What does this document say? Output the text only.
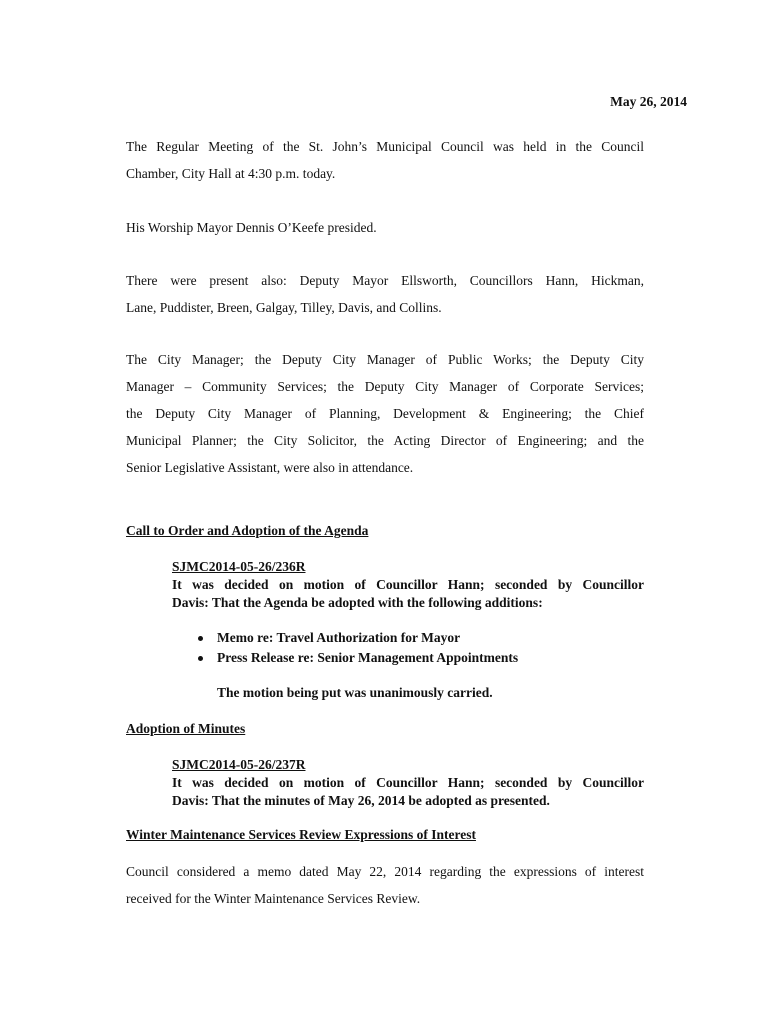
May 26, 2014
The Regular Meeting of the St. John’s Municipal Council was held in the Council
Chamber, City Hall at 4:30 p.m. today.
His Worship Mayor Dennis O’Keefe presided.
There were present also: Deputy Mayor Ellsworth, Councillors Hann, Hickman,
Lane, Puddister, Breen, Galgay, Tilley, Davis, and Collins.
The City Manager; the Deputy City Manager of Public Works; the Deputy City
Manager – Community Services; the Deputy City Manager of Corporate Services;
the Deputy City Manager of Planning, Development & Engineering; the Chief
Municipal Planner; the City Solicitor, the Acting Director of Engineering; and the
Senior Legislative Assistant, were also in attendance.
Call to Order and Adoption of the Agenda
SJMC2014-05-26/236R
It was decided on motion of Councillor Hann; seconded by Councillor
Davis: That the Agenda be adopted with the following additions:
Memo re: Travel Authorization for Mayor
Press Release re: Senior Management Appointments
The motion being put was unanimously carried.
Adoption of Minutes
SJMC2014-05-26/237R
It was decided on motion of Councillor Hann; seconded by Councillor
Davis: That the minutes of May 26, 2014 be adopted as presented.
Winter Maintenance Services Review Expressions of Interest
Council considered a memo dated May 22, 2014 regarding the expressions of interest
received for the Winter Maintenance Services Review.
